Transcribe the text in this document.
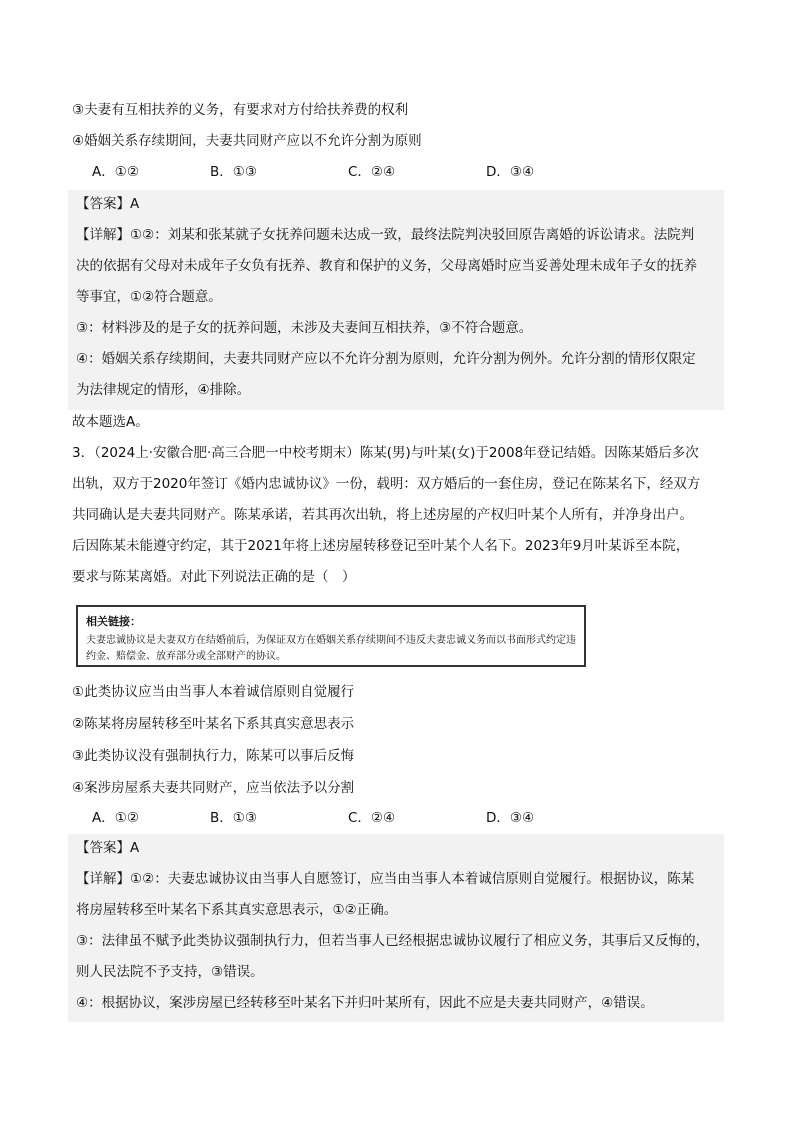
③夫妻有互相扶养的义务，有要求对方付给扶养费的权利
④婚姻关系存续期间，夫妻共同财产应以不允许分割为原则
A．①②	B．①③	C．②④	D．③④
【答案】A
【详解】①②：刘某和张某就子女抚养问题未达成一致，最终法院判决驳回原告离婚的诉讼请求。法院判
决的依据有父母对未成年子女负有抚养、教育和保护的义务，父母离婚时应当妥善处理未成年子女的抚养
等事宜，①②符合题意。
③：材料涉及的是子女的抚养问题，未涉及夫妻间互相扶养，③不符合题意。
④：婚姻关系存续期间，夫妻共同财产应以不允许分割为原则，允许分割为例外。允许分割的情形仅限定
为法律规定的情形，④排除。
故本题选A。
3．（2024上·安徽合肥·高三合肥一中校考期末）陈某(男)与叶某(女)于2008年登记结婚。因陈某婚后多次
出轨，双方于2020年签订《婚内忠诚协议》一份，载明：双方婚后的一套住房，登记在陈某名下，经双方
共同确认是夫妻共同财产。陈某承诺，若其再次出轨，将上述房屋的产权归叶某个人所有，并净身出户。
后因陈某未能遵守约定，其于2021年将上述房屋转移登记至叶某个人名下。2023年9月叶某诉至本院，
要求与陈某离婚。对此下列说法正确的是（　）
相关链接：
夫妻忠诚协议是夫妻双方在结婚前后，为保证双方在婚姻关系存续期间不违反夫妻忠诚义务而以书面形式约定违约金、赔偿金、放弃部分或全部财产的协议。
①此类协议应当由当事人本着诚信原则自觉履行
②陈某将房屋转移至叶某名下系其真实意思表示
③此类协议没有强制执行力，陈某可以事后反悔
④案涉房屋系夫妻共同财产，应当依法予以分割
A．①②	B．①③	C．②④	D．③④
【答案】A
【详解】①②：夫妻忠诚协议由当事人自愿签订，应当由当事人本着诚信原则自觉履行。根据协议，陈某
将房屋转移至叶某名下系其真实意思表示，①②正确。
③：法律虽不赋予此类协议强制执行力，但若当事人已经根据忠诚协议履行了相应义务，其事后又反悔的，
则人民法院不予支持，③错误。
④：根据协议，案涉房屋已经转移至叶某名下并归叶某所有，因此不应是夫妻共同财产，④错误。
